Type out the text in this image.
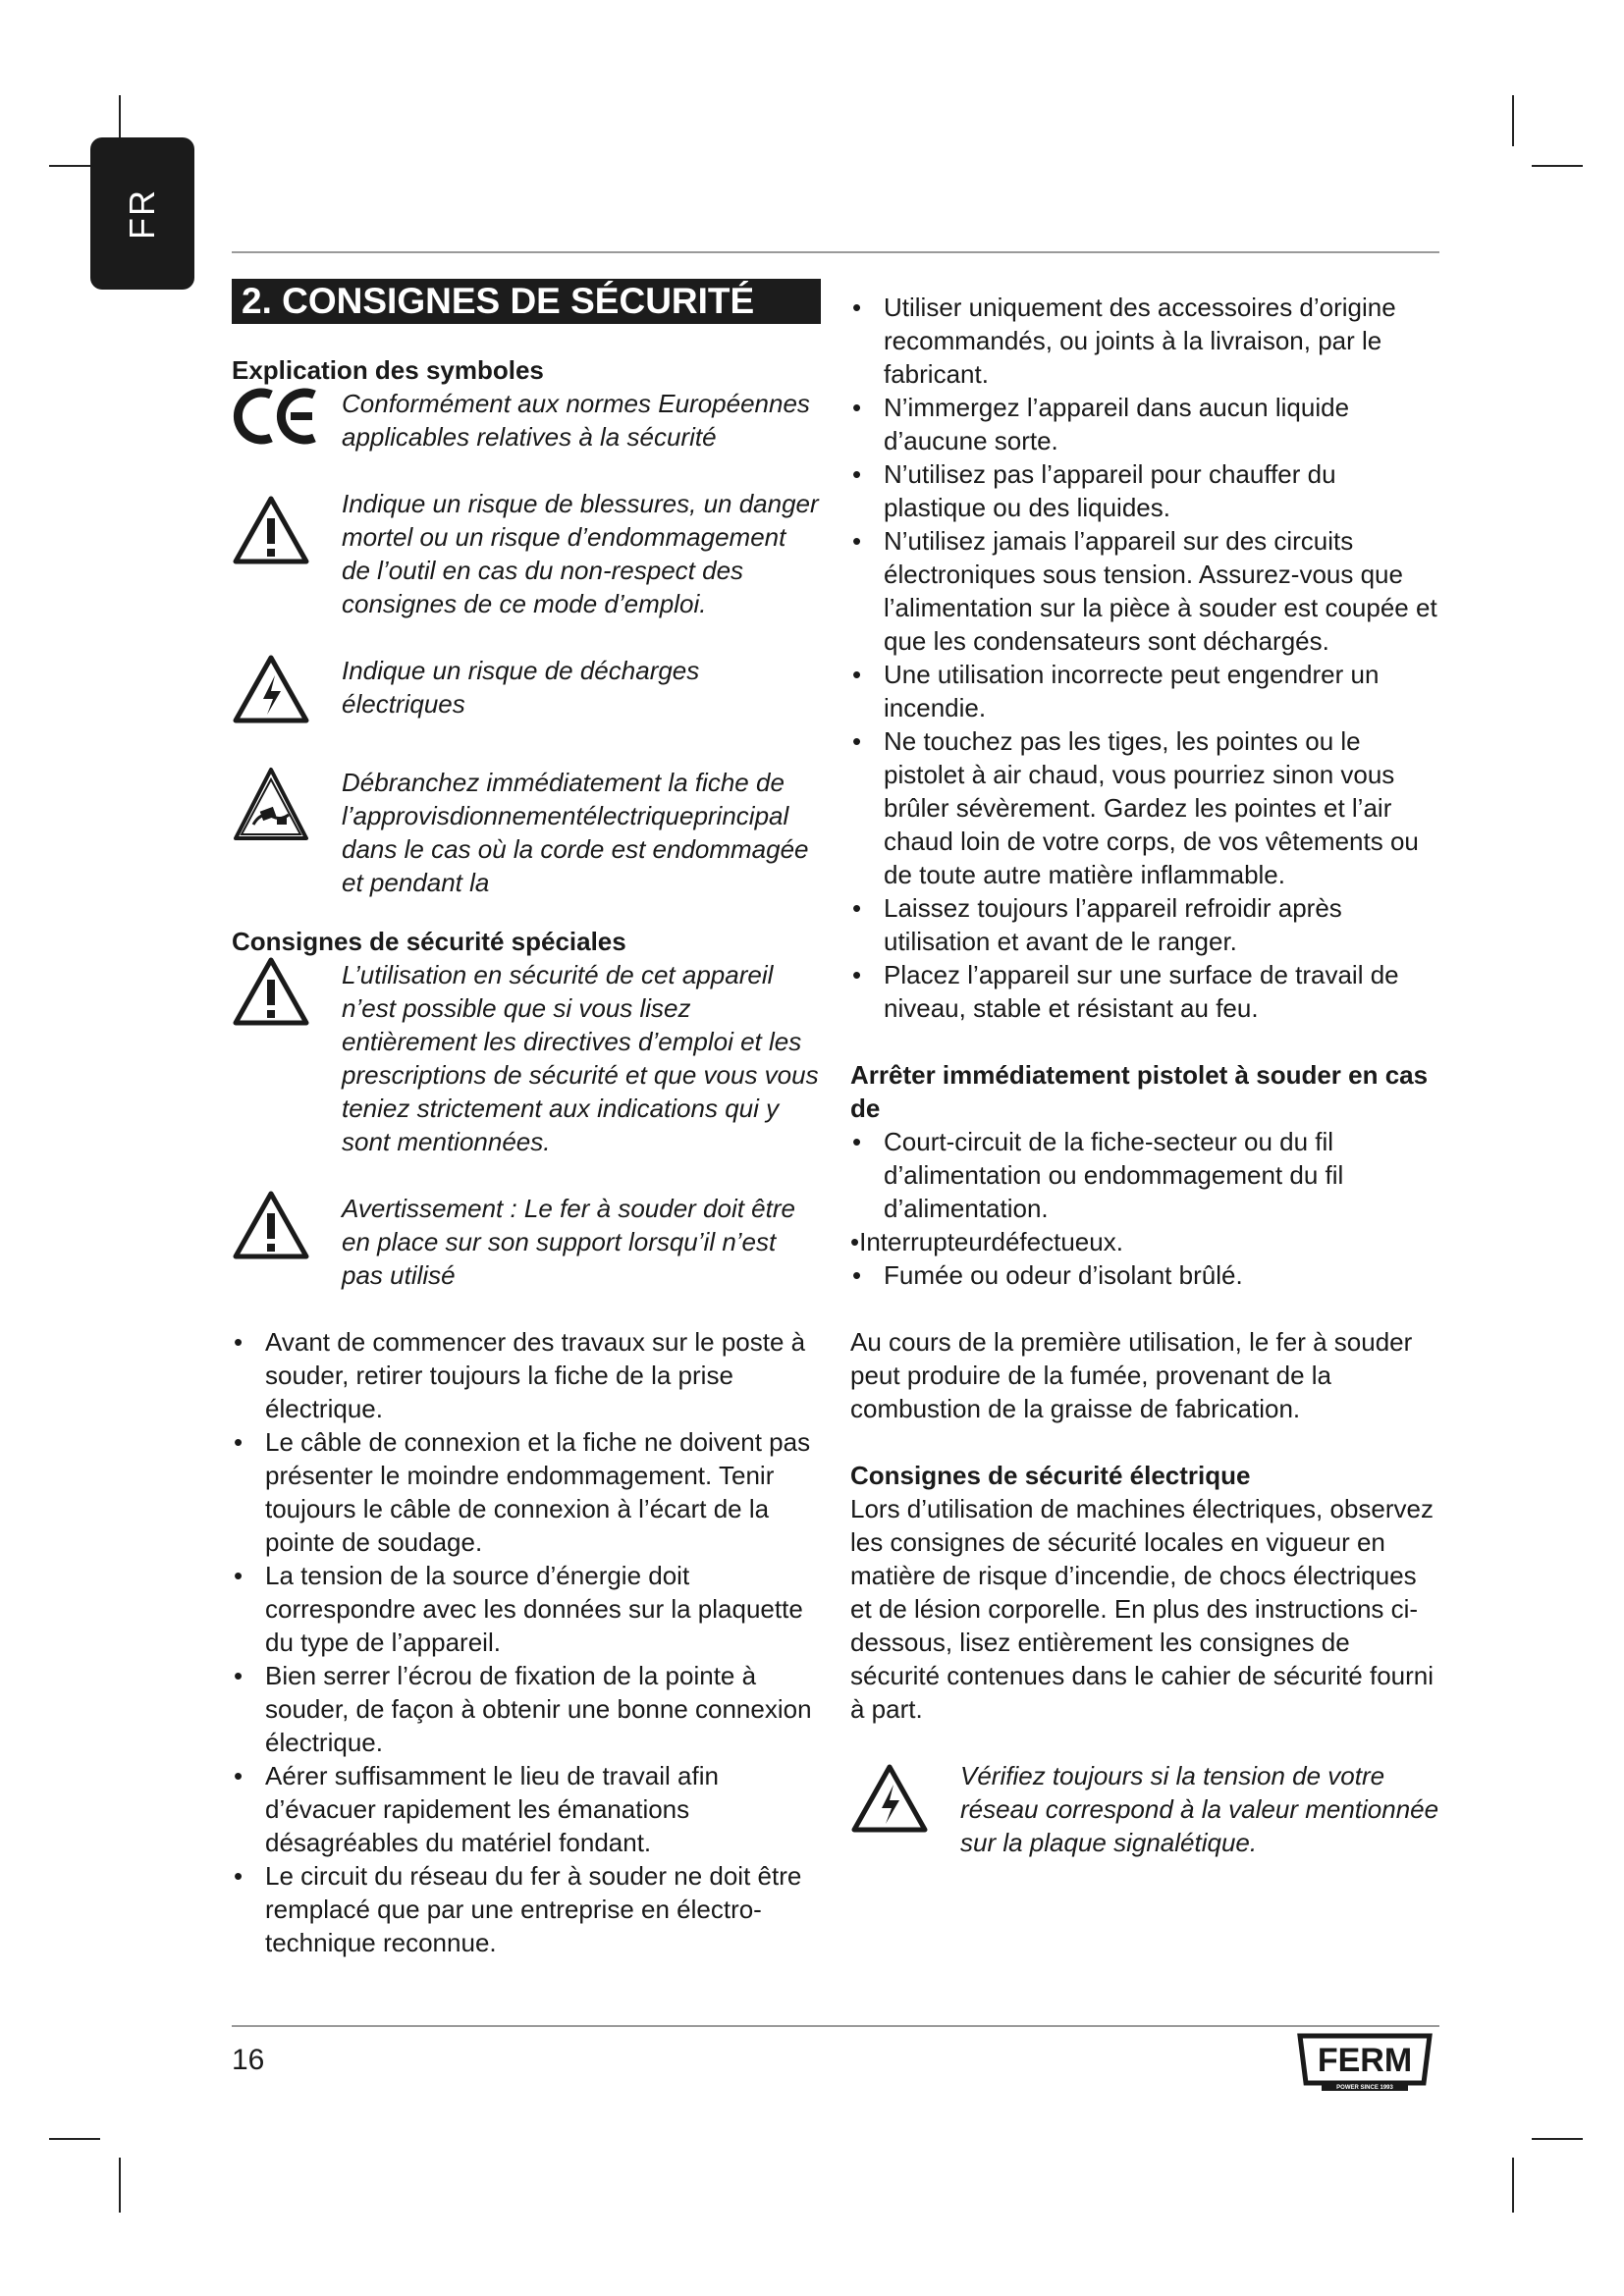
FR
2. CONSIGNES DE SÉCURITÉ
Explication des symboles
Conformément aux normes Européennes applicables relatives à la sécurité
Indique un risque de blessures, un danger mortel ou un risque d’endommagement de l’outil en cas du non-respect des consignes de ce mode d’emploi.
Indique un risque de décharges électriques
Débranchez immédiatement la fiche de l’approvisdionnementélectriqueprincipal dans le cas où la corde est endommagée et pendant la
Consignes de sécurité spéciales
L’utilisation en sécurité de cet appareil n’est possible que si vous lisez entièrement les directives d’emploi et les prescriptions de sécurité et que vous vous teniez strictement aux indications qui y sont mentionnées.
Avertissement : Le fer à souder doit être en place sur son support lorsqu’il n’est pas utilisé
• Avant de commencer des travaux sur le poste à souder, retirer toujours la fiche de la prise électrique.
• Le câble de connexion et la fiche ne doivent pas présenter le moindre endommagement. Tenir toujours le câble de connexion à l’écart de la pointe de soudage.
• La tension de la source d’énergie doit correspondre avec les données sur la plaquette du type de l’appareil.
• Bien serrer l’écrou de fixation de la pointe à souder, de façon à obtenir une bonne connexion électrique.
• Aérer suffisamment le lieu de travail afin d’évacuer rapidement les émanations désagréables du matériel fondant.
• Le circuit du réseau du fer à souder ne doit être remplacé que par une entreprise en électro-technique reconnue.
• Utiliser uniquement des accessoires d’origine recommandés, ou joints à la livraison, par le fabricant.
• N’immergez l’appareil dans aucun liquide d’aucune sorte.
• N’utilisez pas l’appareil pour chauffer du plastique ou des liquides.
• N’utilisez jamais l’appareil sur des circuits électroniques sous tension. Assurez-vous que l’alimentation sur la pièce à souder est coupée et que les condensateurs sont déchargés.
• Une utilisation incorrecte peut engendrer un incendie.
• Ne touchez pas les tiges, les pointes ou le pistolet à air chaud, vous pourriez sinon vous brûler sévèrement. Gardez les pointes et l’air chaud loin de votre corps, de vos vêtements ou de toute autre matière inflammable.
• Laissez toujours l’appareil refroidir après utilisation et avant de le ranger.
• Placez l’appareil sur une surface de travail de niveau, stable et résistant au feu.
Arrêter immédiatement pistolet à souder en cas de
• Court-circuit de la fiche-secteur ou du fil d’alimentation ou endommagement du fil d’alimentation.

•Interrupteurdéfectueux.

• Fumée ou odeur d’isolant brûlé.

Au cours de la première utilisation, le fer à souder peut produire de la fumée, provenant de la combustion de la graisse de fabrication.

Consignes de sécurité électrique

Lors d’utilisation de machines électriques, observez les consignes de sécurité locales en vigueur en matière de risque d’incendie, de chocs électriques et de lésion corporelle. En plus des instructions ci-dessous, lisez entièrement les consignes de sécurité contenues dans le cahier de sécurité fourni à part.

Vérifiez toujours si la tension de votre réseau correspond à la valeur mentionnée sur la plaque signalétique.
16	FERM
POWER SINCE 1993
